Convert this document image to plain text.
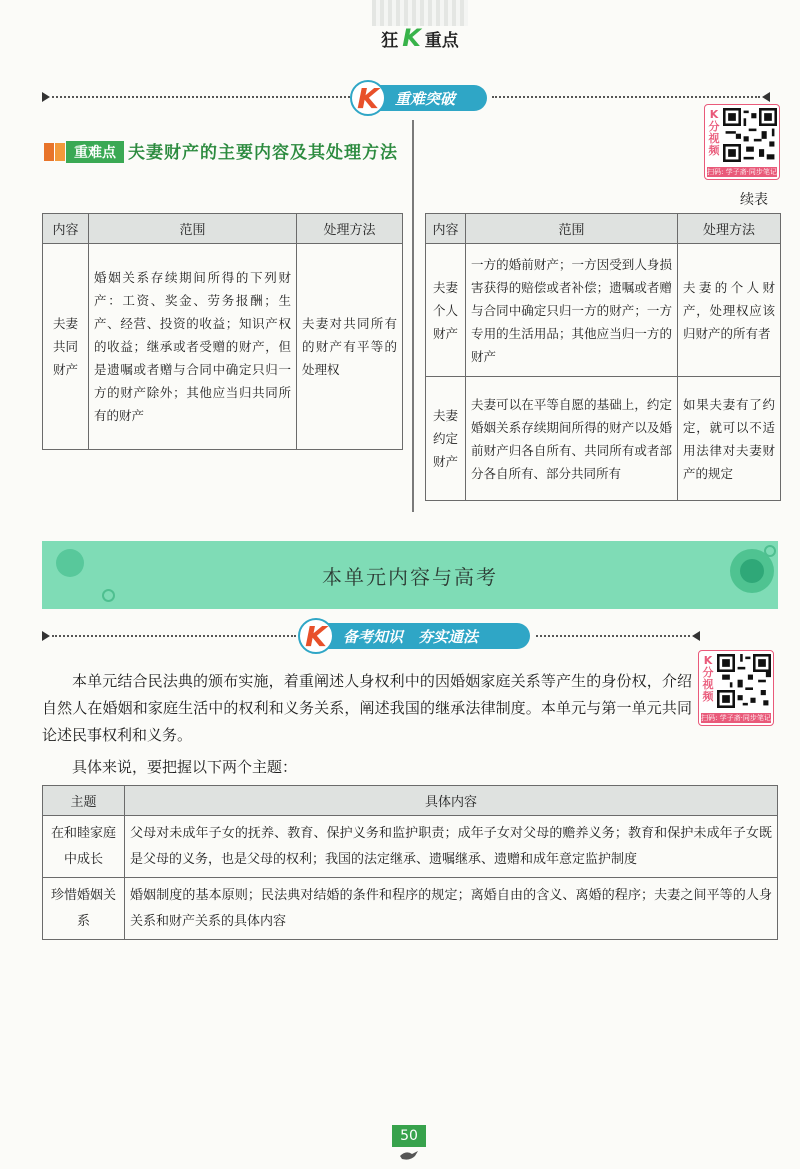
狂 K 重点
重难突破
K
重难点 夫妻财产的主要内容及其处理方法
K分视频
扫码: 学子斋·同步笔记
续表
内容	范围	处理方法
夫妻共同财产	婚姻关系存续期间所得的下列财产：工资、奖金、劳务报酬；生产、经营、投资的收益；知识产权的收益；继承或者受赠的财产，但是遗嘱或者赠与合同中确定只归一方的财产除外；其他应当归共同所有的财产	夫妻对共同所有的财产有平等的处理权
内容	范围	处理方法
夫妻个人财产	一方的婚前财产；一方因受到人身损害获得的赔偿或者补偿；遗嘱或者赠与合同中确定只归一方的财产；一方专用的生活用品；其他应当归一方的财产	夫妻的个人财产，处理权应该归财产的所有者
夫妻约定财产	夫妻可以在平等自愿的基础上，约定婚姻关系存续期间所得的财产以及婚前财产归各自所有、共同所有或者部分各自所有、部分共同所有	如果夫妻有了约定，就可以不适用法律对夫妻财产的规定
本单元内容与高考
备考知识　夯实通法
K
K分视频
扫码: 学子斋·同步笔记
本单元结合民法典的颁布实施，着重阐述人身权利中的因婚姻家庭关系等产生的身份权，介绍自然人在婚姻和家庭生活中的权利和义务关系，阐述我国的继承法律制度。本单元与第一单元共同论述民事权利和义务。
具体来说，要把握以下两个主题：
主题	具体内容
在和睦家庭中成长	父母对未成年子女的抚养、教育、保护义务和监护职责；成年子女对父母的赡养义务；教育和保护未成年子女既是父母的义务，也是父母的权利；我国的法定继承、遗嘱继承、遗赠和成年意定监护制度
珍惜婚姻关系	婚姻制度的基本原则；民法典对结婚的条件和程序的规定；离婚自由的含义、离婚的程序；夫妻之间平等的人身关系和财产关系的具体内容
50
